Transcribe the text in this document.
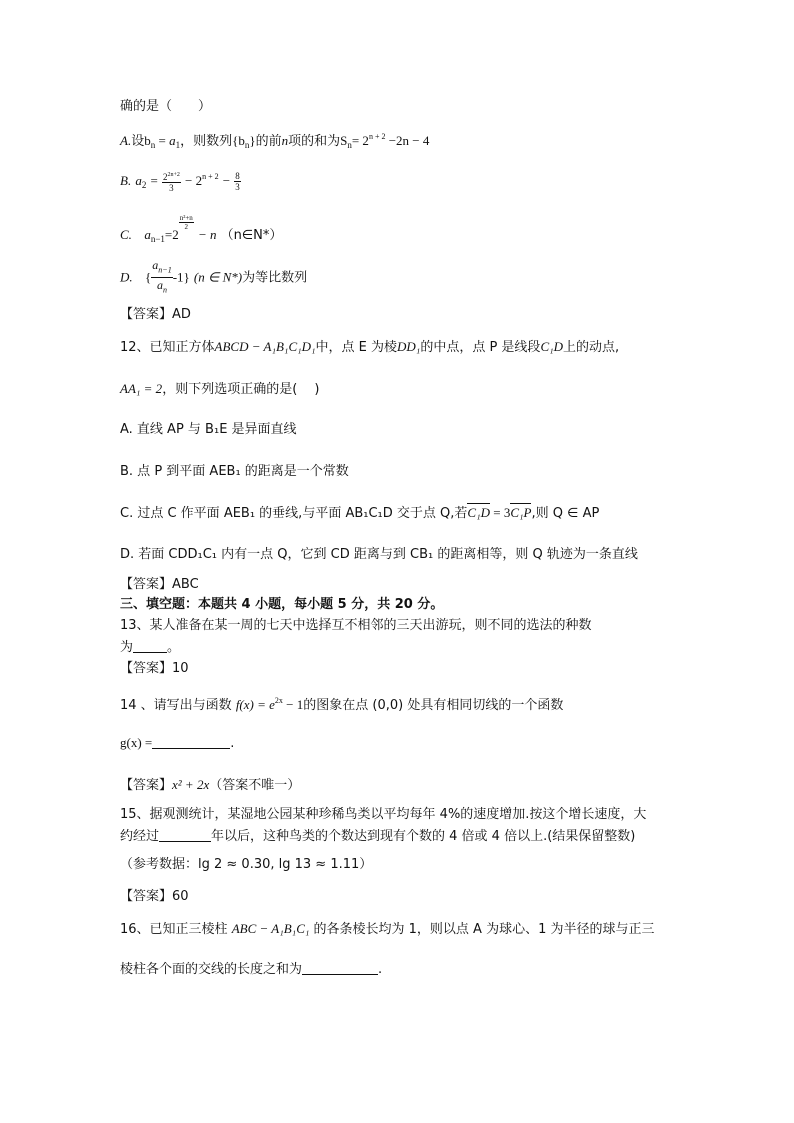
确的是（　　）
A.设$b_n = a_1$，则数列$\{b_n\}$的前n项的和为$S_n= 2^{n + 2} -2n - 4$
B. $a_2 = \frac{2^{2n+2}}{3} - 2^{n + 2} - \frac{8}{3}$
C. $a_{n-1}=2$
$\frac{\text{n²+n}}{2}$
− n （n∈N*）
D. { $\frac{a_{n-1}}{a_n} -1$} (n ∈ N*)为等比数列
【答案】AD
12、已知正方体ABCD − A₁B₁C₁D₁中，点 E 为棱DD₁的中点，点 P 是线段C₁D上的动点,
AA₁ = 2，则下列选项正确的是(　 )
A. 直线 AP 与 B₁E 是异面直线
B. 点 P 到平面 AEB₁ 的距离是一个常数
C. 过点 C 作平面 AEB₁ 的垂线,与平面 AB₁C₁D 交于点 Q,若C₁D = 3C₁P,则 Q ∈ AP
D. 若面 CDD₁C₁ 内有一点 Q，它到 CD 距离与到 CB₁ 的距离相等，则 Q 轨迹为一条直线
【答案】ABC
三、填空题：本题共 4 小题，每小题 5 分，共 20 分。
13、某人准备在某一周的七天中选择互不相邻的三天出游玩，则不同的选法的种数
为	。
【答案】10
14 、请写出与函数 $f(x) = e^{2x} - 1$的图象在点 (0,0) 处具有相同切线的一个函数
g(x) =	.
【答案】x² + 2x（答案不唯一）
15、据观测统计，某湿地公园某种珍稀鸟类以平均每年 4%的速度增加.按这个增长速度，大
约经过	年以后，这种鸟类的个数达到现有个数的 4 倍或 4 倍以上.(结果保留整数)
（参考数据：lg 2 ≈ 0.30, lg 13 ≈ 1.11）
【答案】60
16、已知正三棱柱 ABC − A₁B₁C₁ 的各条棱长均为 1，则以点 A 为球心、1 为半径的球与正三
棱柱各个面的交线的长度之和为	.
